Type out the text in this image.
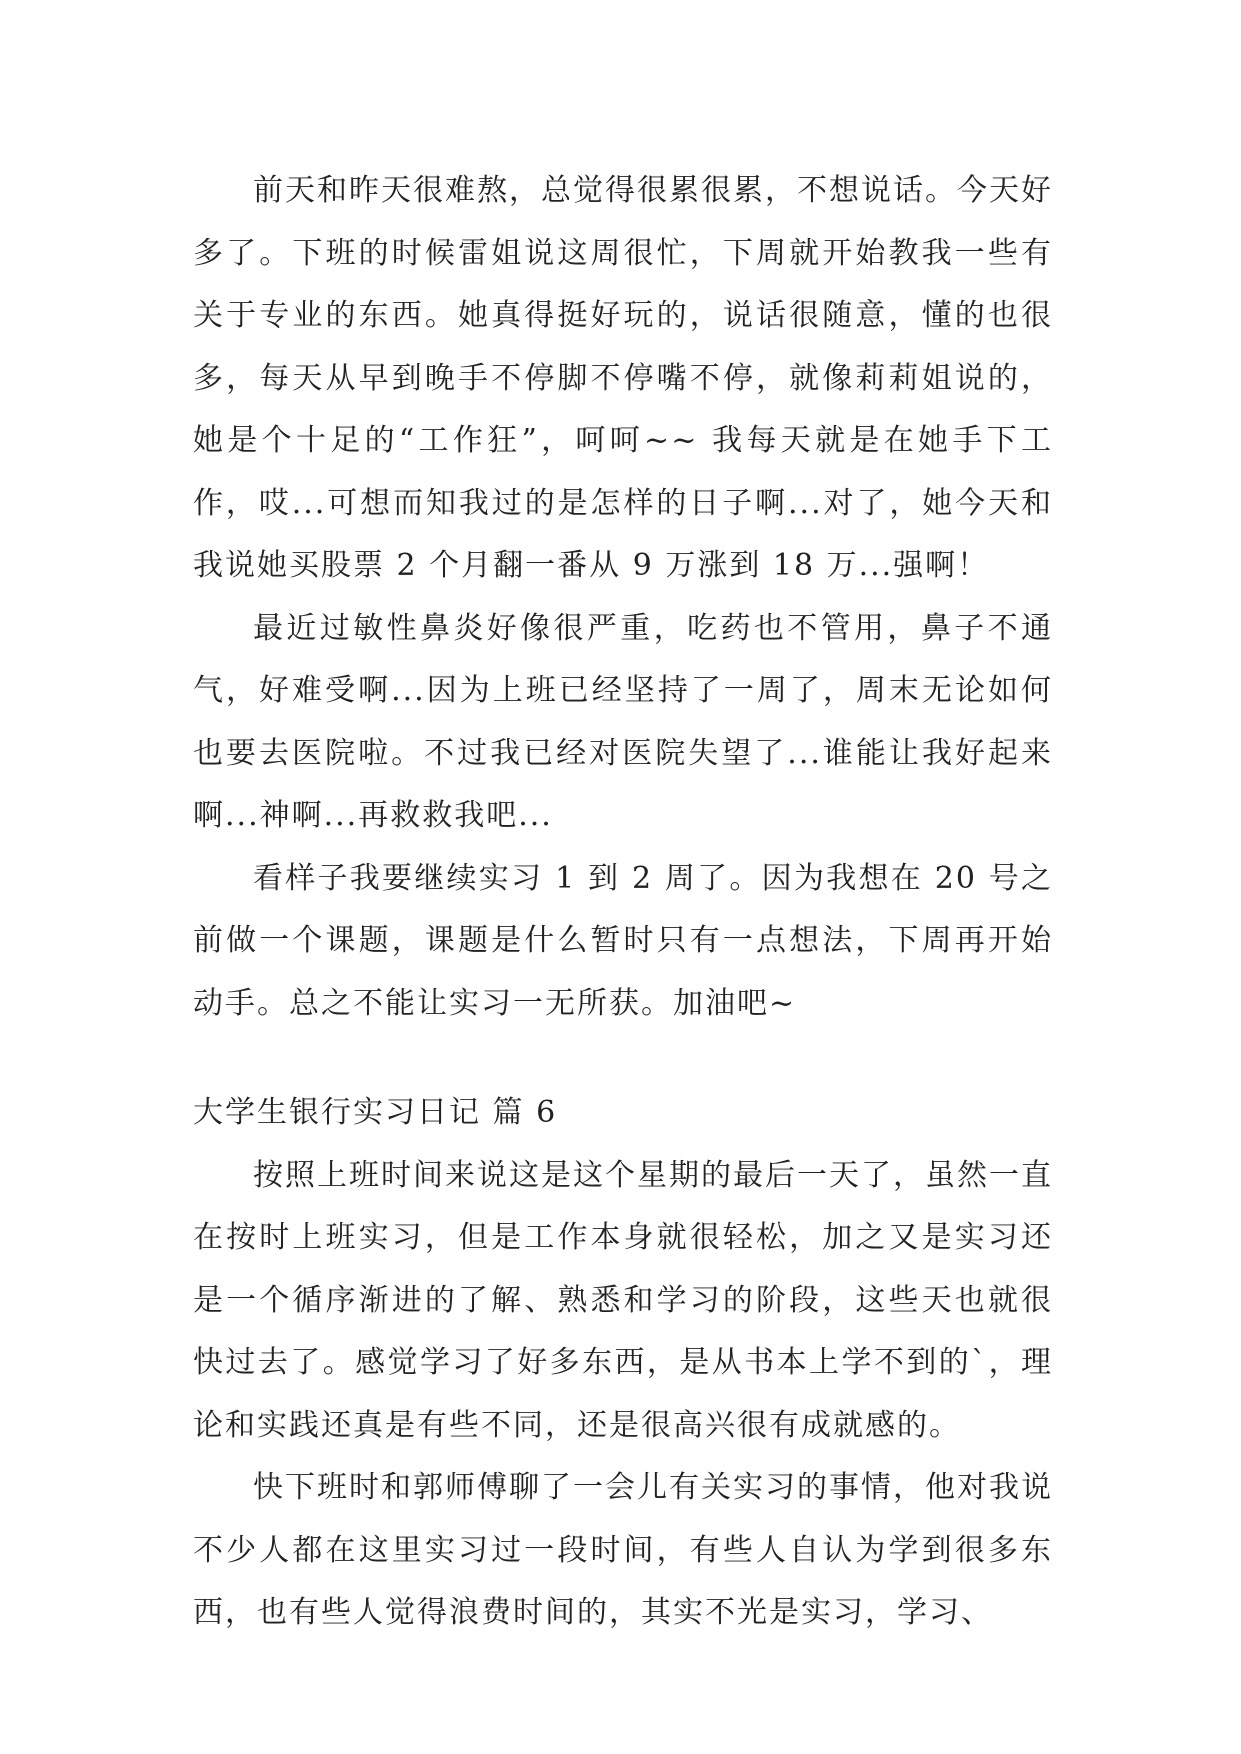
前天和昨天很难熬，总觉得很累很累，不想说话。今天好多了。下班的时候雷姐说这周很忙，下周就开始教我一些有关于专业的东西。她真得挺好玩的，说话很随意，懂的也很多，每天从早到晚手不停脚不停嘴不停，就像莉莉姐说的，她是个十足的“工作狂”，呵呵~~ 我每天就是在她手下工作，哎...可想而知我过的是怎样的日子啊...对了，她今天和我说她买股票 2 个月翻一番从 9 万涨到 18 万...强啊！

最近过敏性鼻炎好像很严重，吃药也不管用，鼻子不通气，好难受啊...因为上班已经坚持了一周了，周末无论如何也要去医院啦。不过我已经对医院失望了...谁能让我好起来啊...神啊...再救救我吧...

看样子我要继续实习 1 到 2 周了。因为我想在 20 号之前做一个课题，课题是什么暂时只有一点想法，下周再开始动手。总之不能让实习一无所获。加油吧~

大学生银行实习日记 篇 6

按照上班时间来说这是这个星期的最后一天了，虽然一直在按时上班实习，但是工作本身就很轻松，加之又是实习还是一个循序渐进的了解、熟悉和学习的阶段，这些天也就很快过去了。感觉学习了好多东西，是从书本上学不到的`，理论和实践还真是有些不同，还是很高兴很有成就感的。

快下班时和郭师傅聊了一会儿有关实习的事情，他对我说不少人都在这里实习过一段时间，有些人自认为学到很多东西，也有些人觉得浪费时间的，其实不光是实习，学习、
